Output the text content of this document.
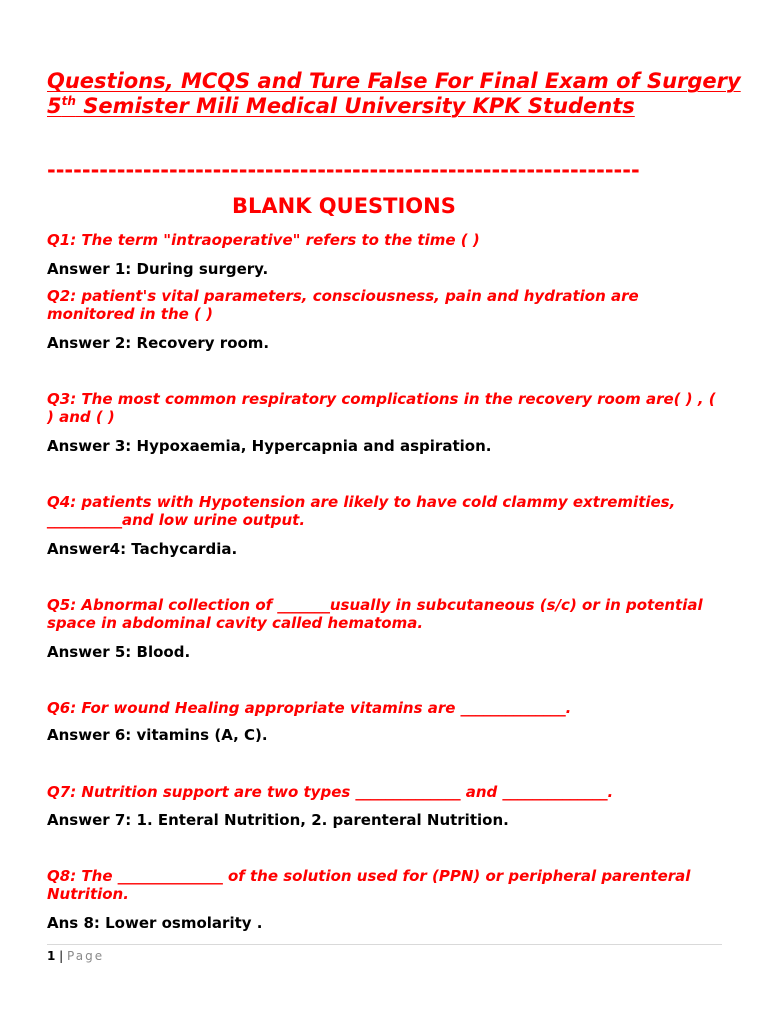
Questions, MCQS and Ture False For Final Exam of Surgery 5th Semister Mili Medical University KPK Students
--------------------------------------------------------------------
BLANK QUESTIONS
Q1: The term "intraoperative" refers to the time ( )
Answer 1: During surgery.
Q2: patient's vital parameters, consciousness, pain and hydration are monitored in the ( )
Answer 2: Recovery room.
Q3: The most common respiratory complications in the recovery room are( ) , ( ) and ( )
Answer 3: Hypoxaemia, Hypercapnia and aspiration.
Q4: patients with Hypotension are likely to have cold clammy extremities, __________and low urine output.
Answer4: Tachycardia.
Q5: Abnormal collection of _______usually in subcutaneous (s/c) or in potential space in abdominal cavity called hematoma.
Answer 5: Blood.
Q6: For wound Healing appropriate vitamins are ______________.
Answer 6: vitamins (A, C).
Q7: Nutrition support are two types ______________ and ______________.
Answer 7: 1. Enteral Nutrition, 2. parenteral Nutrition.
Q8: The ______________ of the solution used for (PPN) or peripheral parenteral Nutrition.
Ans 8: Lower osmolarity .
1 | Page
